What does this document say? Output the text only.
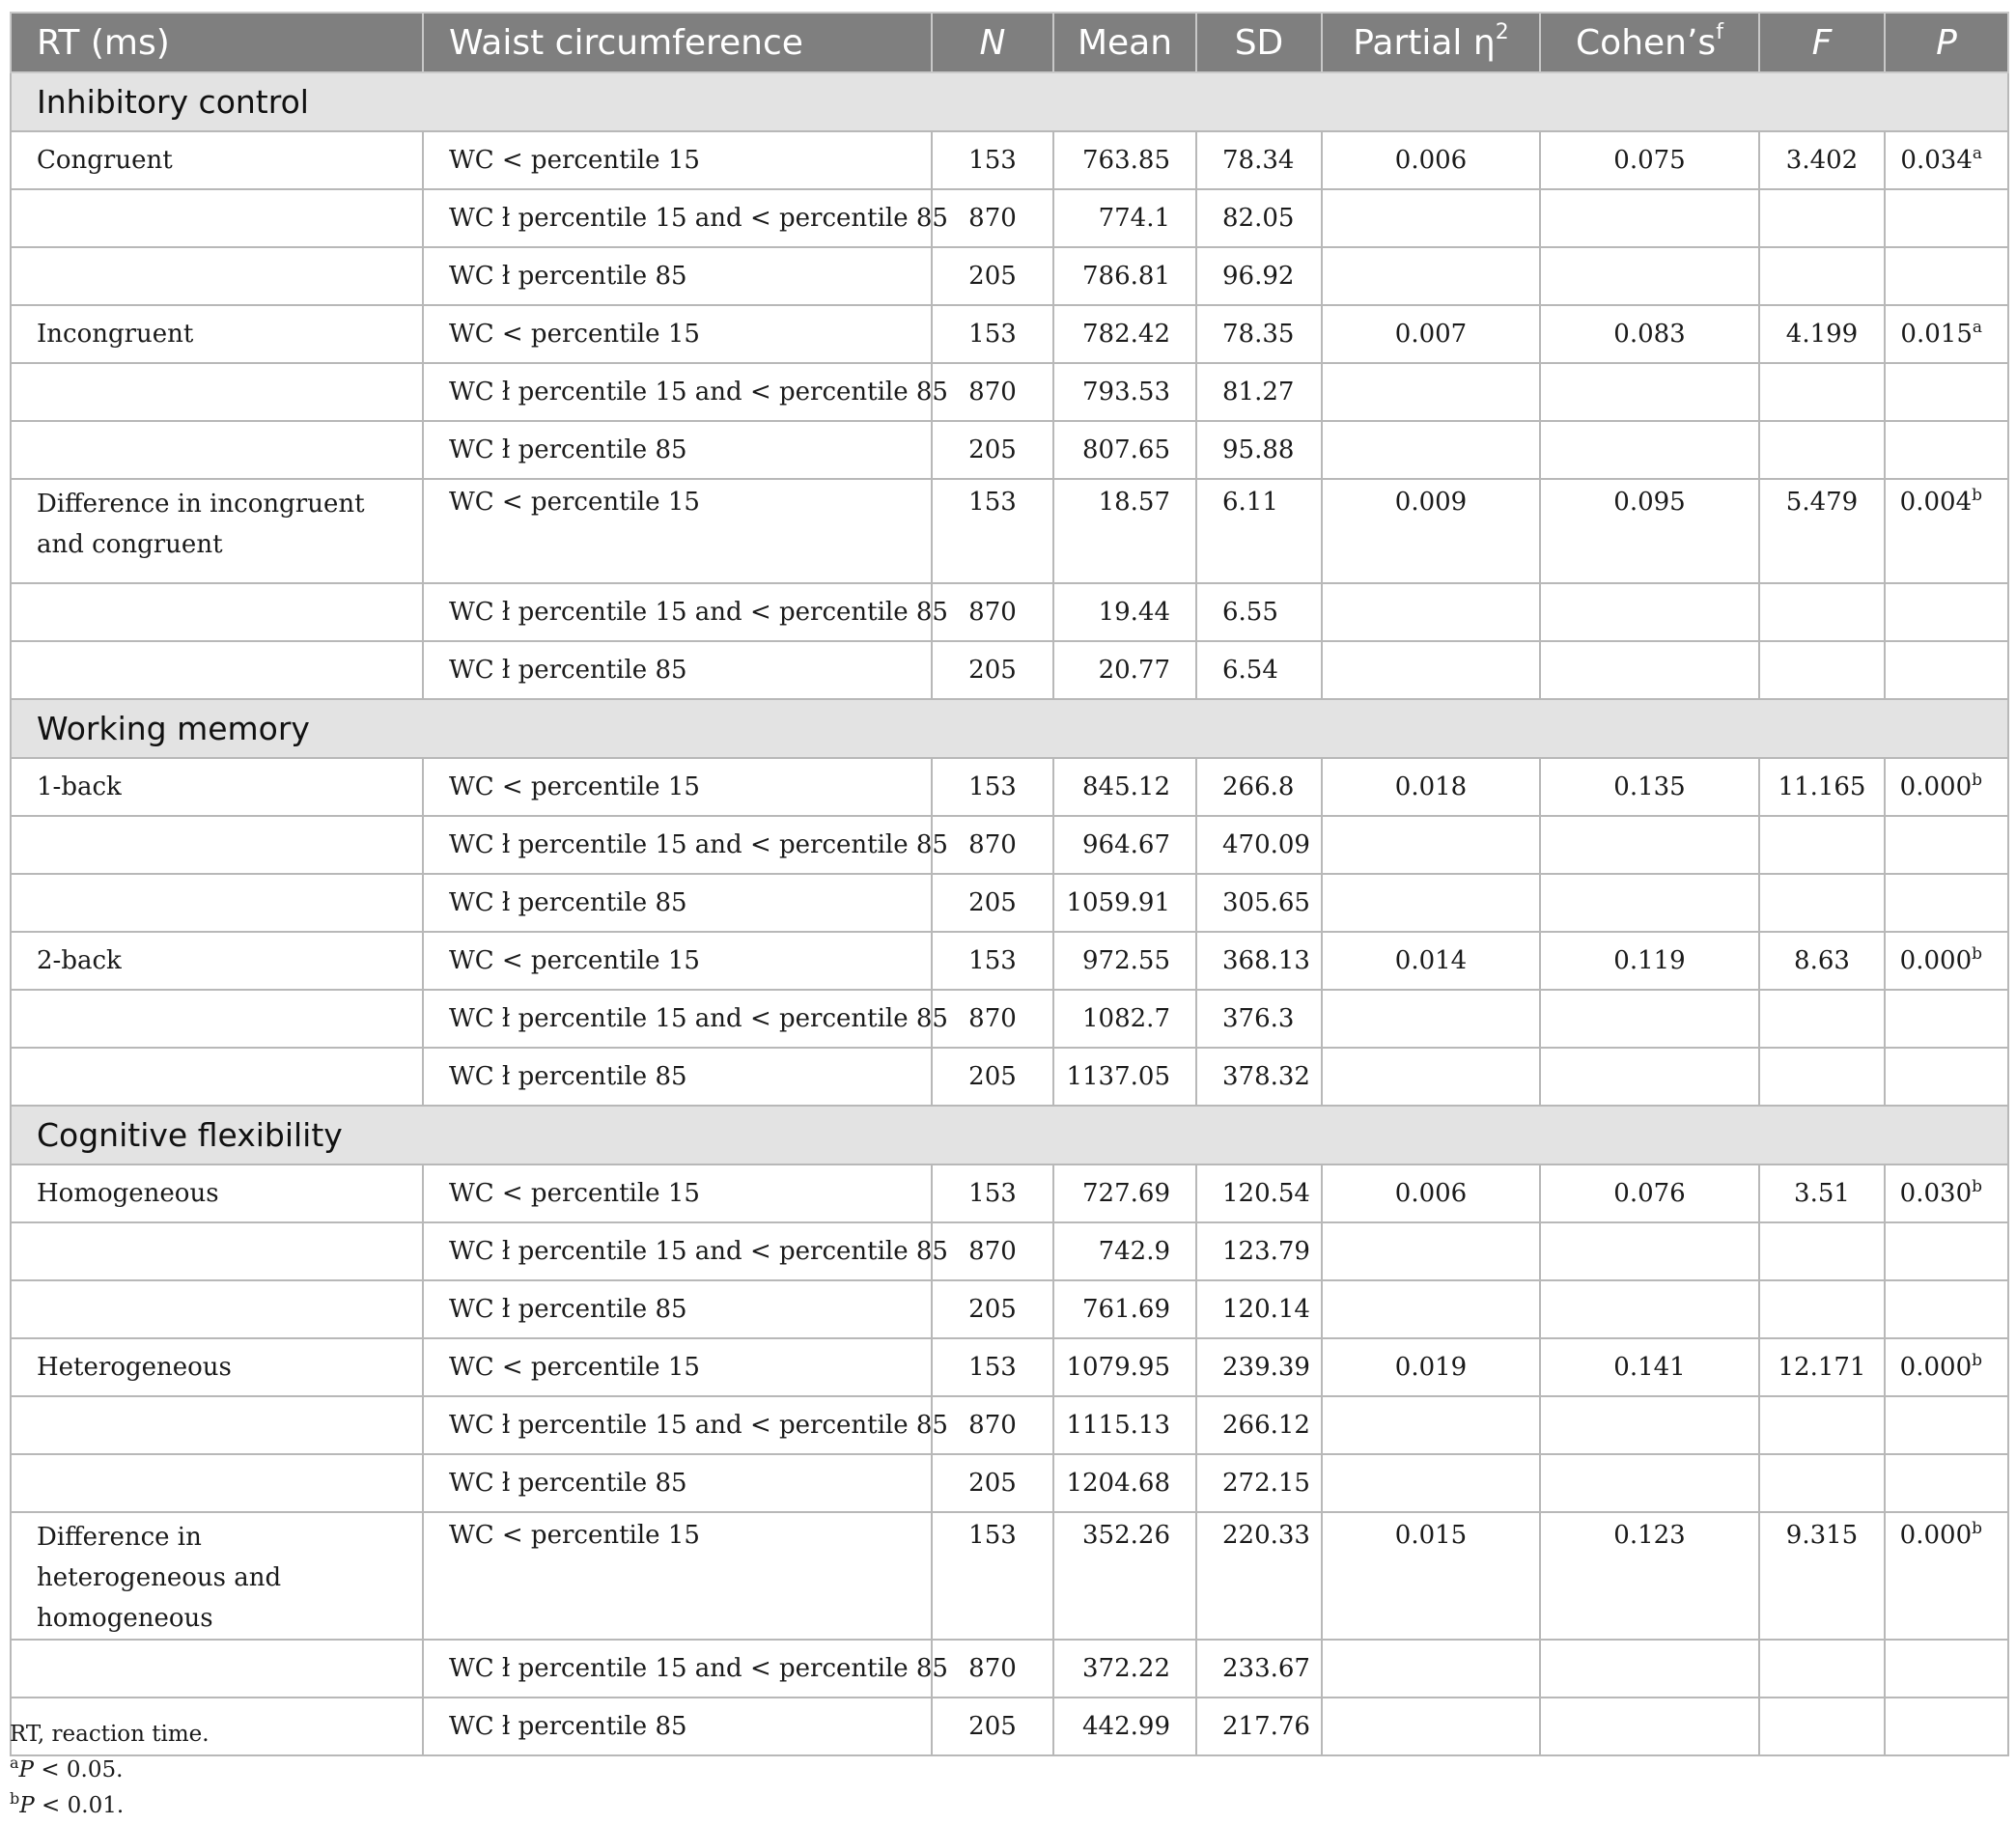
RT (ms)	Waist circumference	N	Mean	SD	Partial $\eta^2$	$Cohen’s^f$	F	P
Inhibitory control								
Congruent	WC < percentile 15	153	763.85	78.34	0.006	0.075	3.402	0.034$^a$
	WC ł percentile 15 and < percentile 85	870	774.1	82.05				
	WC ł percentile 85	205	786.81	96.92				
Incongruent	WC < percentile 15	153	782.42	78.35	0.007	0.083	4.199	0.015$^a$
	WC ł percentile 15 and < percentile 85	870	793.53	81.27				
	WC ł percentile 85	205	807.65	95.88				
Difference in incongruent and congruent	WC < percentile 15	153	18.57	6.11	0.009	0.095	5.479	0.004$^b$
	WC ł percentile 15 and < percentile 85	870	19.44	6.55				
	WC ł percentile 85	205	20.77	6.54				
Working memory								
1-back	WC < percentile 15	153	845.12	266.8	0.018	0.135	11.165	0.000$^b$
	WC ł percentile 15 and < percentile 85	870	964.67	470.09				
	WC ł percentile 85	205	1059.91	305.65				
2-back	WC < percentile 15	153	972.55	368.13	0.014	0.119	8.63	0.000$^b$
	WC ł percentile 15 and < percentile 85	870	1082.7	376.3				
	WC ł percentile 85	205	1137.05	378.32				
Cognitive flexibility								
Homogeneous	WC < percentile 15	153	727.69	120.54	0.006	0.076	3.51	0.030$^b$
	WC ł percentile 15 and < percentile 85	870	742.9	123.79				
	WC ł percentile 85	205	761.69	120.14				
Heterogeneous	WC < percentile 15	153	1079.95	239.39	0.019	0.141	12.171	0.000$^b$
	WC ł percentile 15 and < percentile 85	870	1115.13	266.12				
	WC ł percentile 85	205	1204.68	272.15				
Difference in heterogeneous and homogeneous	WC < percentile 15	153	352.26	220.33	0.015	0.123	9.315	0.000$^b$
	WC ł percentile 15 and < percentile 85	870	372.22	233.67				
	WC ł percentile 85	205	442.99	217.76				
RT, reaction time.
$^a$P < 0.05.
$^b$P < 0.01.
